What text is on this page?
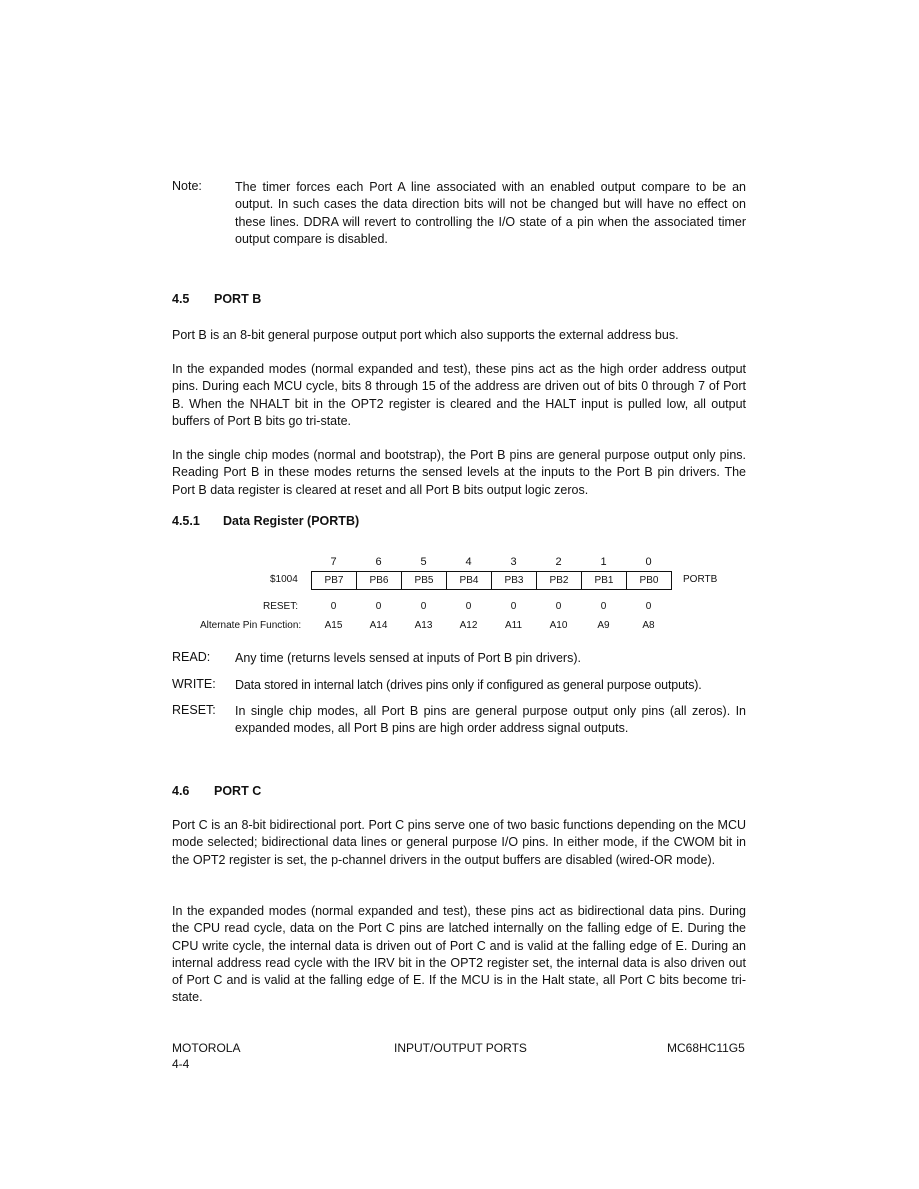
Note:	The timer forces each Port A line associated with an enabled output compare to be an output. In such cases the data direction bits will not be changed but will have no effect on these lines. DDRA will revert to controlling the I/O state of a pin when the associated timer output compare is disabled.

4.5 PORT B

Port B is an 8-bit general purpose output port which also supports the external address bus.

In the expanded modes (normal expanded and test), these pins act as the high order address output pins. During each MCU cycle, bits 8 through 15 of the address are driven out of bits 0 through 7 of Port B. When the NHALT bit in the OPT2 register is cleared and the HALT input is pulled low, all output buffers of Port B bits go tri-state.

In the single chip modes (normal and bootstrap), the Port B pins are general purpose output only pins. Reading Port B in these modes returns the sensed levels at the inputs to the Port B pin drivers. The Port B data register is cleared at reset and all Port B bits output logic zeros.

4.5.1 Data Register (PORTB)
7	6	5	4	3	2	1	0
$1004	PB7	PB6	PB5	PB4	PB3	PB2	PB1	PB0	PORTB
RESET:	0	0	0	0	0	0	0	0
Alternate Pin Function:	A15	A14	A13	A12	A11	A10	A9	A8
READ: Any time (returns levels sensed at inputs of Port B pin drivers).

WRITE: Data stored in internal latch (drives pins only if configured as general purpose outputs).

RESET: In single chip modes, all Port B pins are general purpose output only pins (all zeros). In expanded modes, all Port B pins are high order address signal outputs.

4.6 PORT C

Port C is an 8-bit bidirectional port. Port C pins serve one of two basic functions depending on the MCU mode selected; bidirectional data lines or general purpose I/O pins. In either mode, if the CWOM bit in the OPT2 register is set, the p-channel drivers in the output buffers are disabled (wired-OR mode).

In the expanded modes (normal expanded and test), these pins act as bidirectional data pins. During the CPU read cycle, data on the Port C pins are latched internally on the falling edge of E. During the CPU write cycle, the internal data is driven out of Port C and is valid at the falling edge of E. During an internal address read cycle with the IRV bit in the OPT2 register set, the internal data is also driven out of Port C and is valid at the falling edge of E. If the MCU is in the Halt state, all Port C bits become tri-state.

MOTOROLA
4-4
INPUT/OUTPUT PORTS	MC68HC11G5
